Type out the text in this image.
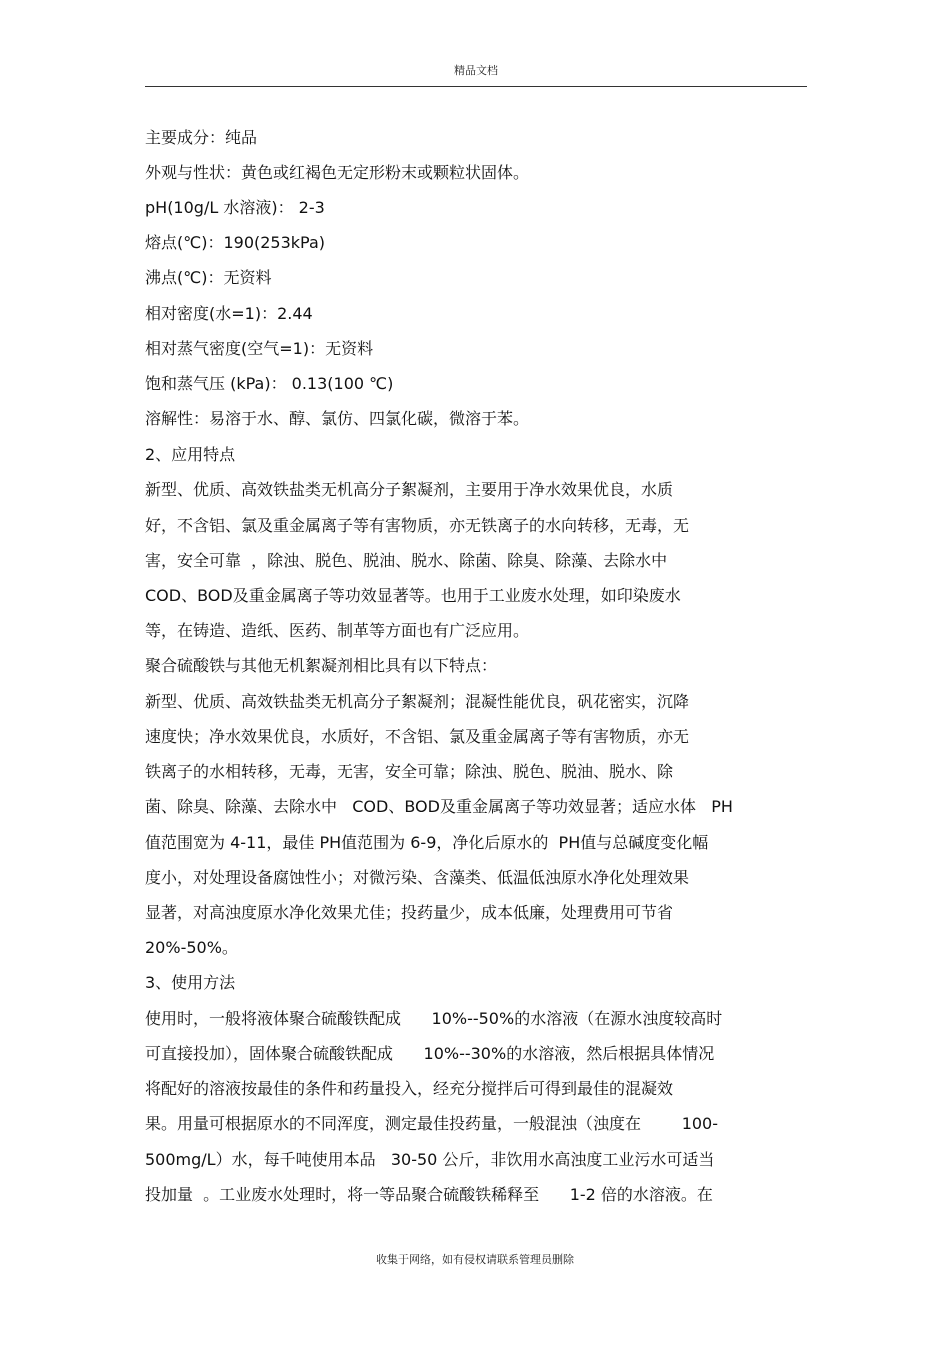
精品文档
主要成分：纯品
外观与性状：黄色或红褐色无定形粉末或颗粒状固体。
pH(10g/L 水溶液)： 2-3
熔点(℃)：190(253kPa)
沸点(℃)：无资料
相对密度(水=1)：2.44
相对蒸气密度(空气=1)：无资料
饱和蒸气压 (kPa)： 0.13(100 ℃)
溶解性：易溶于水、醇、氯仿、四氯化碳，微溶于苯。
2、应用特点
新型、优质、高效铁盐类无机高分子絮凝剂，主要用于净水效果优良，水质
好，不含铝、氯及重金属离子等有害物质，亦无铁离子的水向转移，无毒，无
害，安全可靠  ，除浊、脱色、脱油、脱水、除菌、除臭、除藻、去除水中
COD、BOD及重金属离子等功效显著等。也用于工业废水处理，如印染废水
等，在铸造、造纸、医药、制革等方面也有广泛应用。
聚合硫酸铁与其他无机絮凝剂相比具有以下特点：
新型、优质、高效铁盐类无机高分子絮凝剂；混凝性能优良，矾花密实，沉降
速度快；净水效果优良，水质好，不含铝、氯及重金属离子等有害物质，亦无
铁离子的水相转移，无毒，无害，安全可靠；除浊、脱色、脱油、脱水、除
菌、除臭、除藻、去除水中   COD、BOD及重金属离子等功效显著；适应水体   PH
值范围宽为 4-11，最佳 PH值范围为 6-9，净化后原水的  PH值与总碱度变化幅
度小，对处理设备腐蚀性小；对微污染、含藻类、低温低浊原水净化处理效果
显著，对高浊度原水净化效果尤佳；投药量少，成本低廉，处理费用可节省
20%-50%。
3、使用方法
使用时，一般将液体聚合硫酸铁配成      10%--50%的水溶液（在源水浊度较高时
可直接投加），固体聚合硫酸铁配成      10%--30%的水溶液，然后根据具体情况
将配好的溶液按最佳的条件和药量投入，经充分搅拌后可得到最佳的混凝效
果。用量可根据原水的不同浑度，测定最佳投药量，一般混浊（浊度在        100-
500mg/L）水，每千吨使用本品   30-50 公斤，非饮用水高浊度工业污水可适当
投加量  。工业废水处理时，将一等品聚合硫酸铁稀释至      1-2 倍的水溶液。在
收集于网络，如有侵权请联系管理员删除
